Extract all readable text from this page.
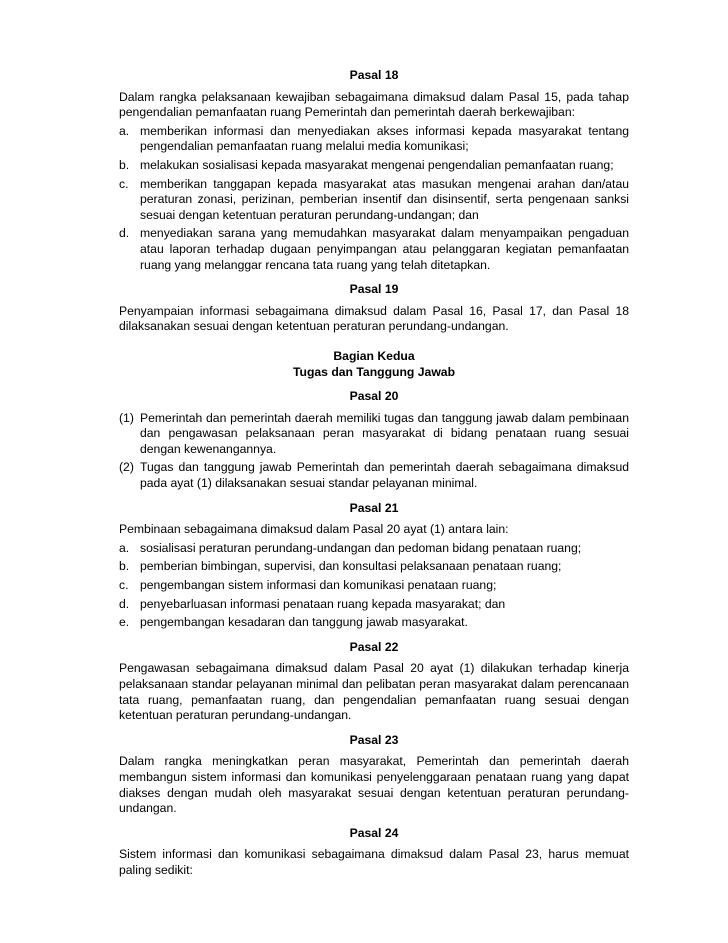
Pasal 18

Dalam rangka pelaksanaan kewajiban sebagaimana dimaksud dalam Pasal 15, pada tahap pengendalian pemanfaatan ruang Pemerintah dan pemerintah daerah berkewajiban:

a. memberikan informasi dan menyediakan akses informasi kepada masyarakat tentang pengendalian pemanfaatan ruang melalui media komunikasi;
b. melakukan sosialisasi kepada masyarakat mengenai pengendalian pemanfaatan ruang;
c. memberikan tanggapan kepada masyarakat atas masukan mengenai arahan dan/atau peraturan zonasi, perizinan, pemberian insentif dan disinsentif, serta pengenaan sanksi sesuai dengan ketentuan peraturan perundang-undangan; dan
d. menyediakan sarana yang memudahkan masyarakat dalam menyampaikan pengaduan atau laporan terhadap dugaan penyimpangan atau pelanggaran kegiatan pemanfaatan ruang yang melanggar rencana tata ruang yang telah ditetapkan.

Pasal 19

Penyampaian informasi sebagaimana dimaksud dalam Pasal 16, Pasal 17, dan Pasal 18 dilaksanakan sesuai dengan ketentuan peraturan perundang-undangan.

Bagian Kedua

Tugas dan Tanggung Jawab

Pasal 20

(1) Pemerintah dan pemerintah daerah memiliki tugas dan tanggung jawab dalam pembinaan dan pengawasan pelaksanaan peran masyarakat di bidang penataan ruang sesuai dengan kewenangannya.
(2) Tugas dan tanggung jawab Pemerintah dan pemerintah daerah sebagaimana dimaksud pada ayat (1) dilaksanakan sesuai standar pelayanan minimal.

Pasal 21

Pembinaan sebagaimana dimaksud dalam Pasal 20 ayat (1) antara lain:

a. sosialisasi peraturan perundang-undangan dan pedoman bidang penataan ruang;
b. pemberian bimbingan, supervisi, dan konsultasi pelaksanaan penataan ruang;
c. pengembangan sistem informasi dan komunikasi penataan ruang;
d. penyebarluasan informasi penataan ruang kepada masyarakat; dan
e. pengembangan kesadaran dan tanggung jawab masyarakat.

Pasal 22

Pengawasan sebagaimana dimaksud dalam Pasal 20 ayat (1) dilakukan terhadap kinerja pelaksanaan standar pelayanan minimal dan pelibatan peran masyarakat dalam perencanaan tata ruang, pemanfaatan ruang, dan pengendalian pemanfaatan ruang sesuai dengan ketentuan peraturan perundang-undangan.

Pasal 23

Dalam rangka meningkatkan peran masyarakat, Pemerintah dan pemerintah daerah membangun sistem informasi dan komunikasi penyelenggaraan penataan ruang yang dapat diakses dengan mudah oleh masyarakat sesuai dengan ketentuan peraturan perundang-undangan.

Pasal 24

Sistem informasi dan komunikasi sebagaimana dimaksud dalam Pasal 23, harus memuat paling sedikit:
